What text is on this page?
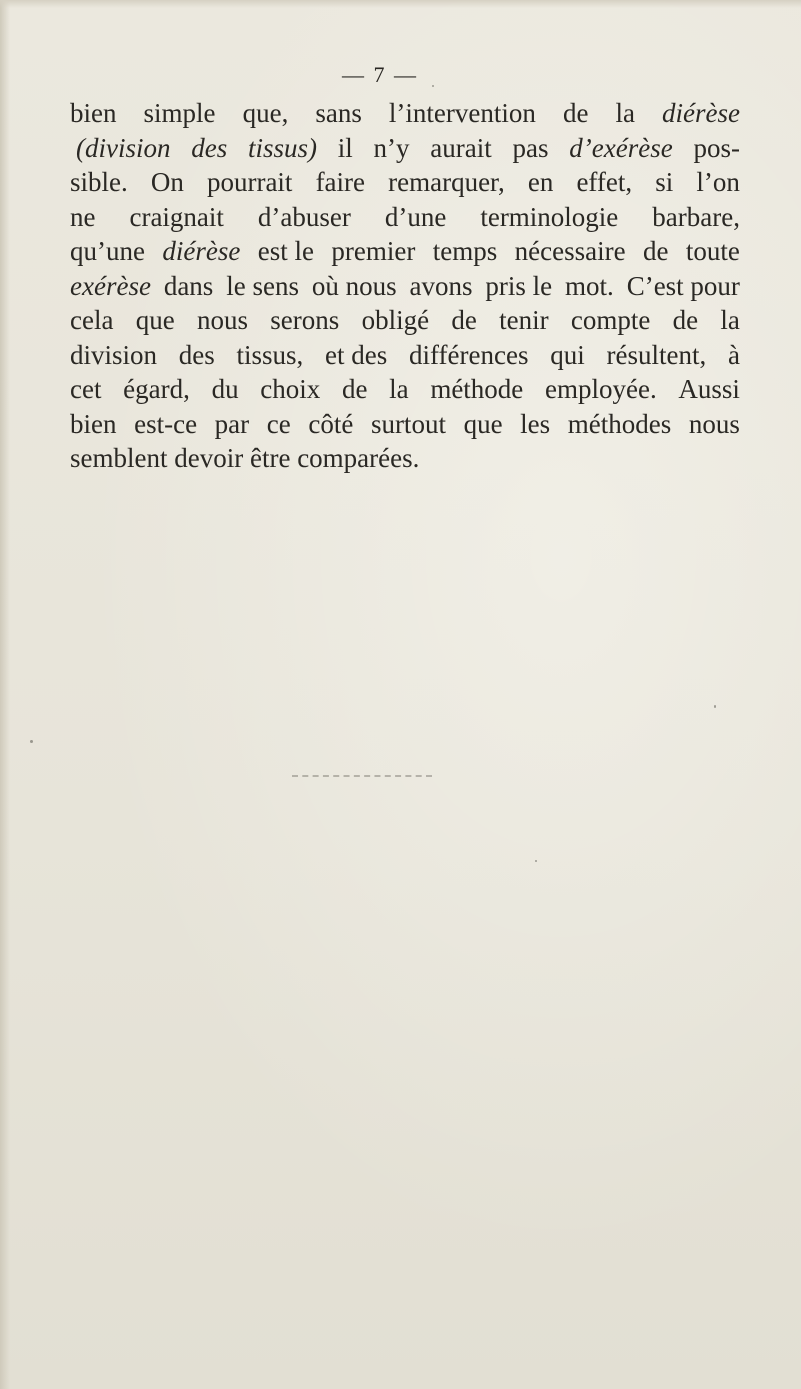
— 7 —
bien simple que, sans l’intervention de la diérèse
(division des tissus) il n’y aurait pas d’exérèse pos-
sible. On pourrait faire remarquer, en effet, si l’on
ne craignait d’abuser d’une terminologie barbare,
qu’une diérèse est le premier temps nécessaire de toute
exérèse dans le sens où nous avons pris le mot. C’est pour
cela que nous serons obligé de tenir compte de la
division des tissus, et des différences qui résultent, à
cet égard, du choix de la méthode employée. Aussi
bien est-ce par ce côté surtout que les méthodes nous
semblent
devoir
être
comparées.
